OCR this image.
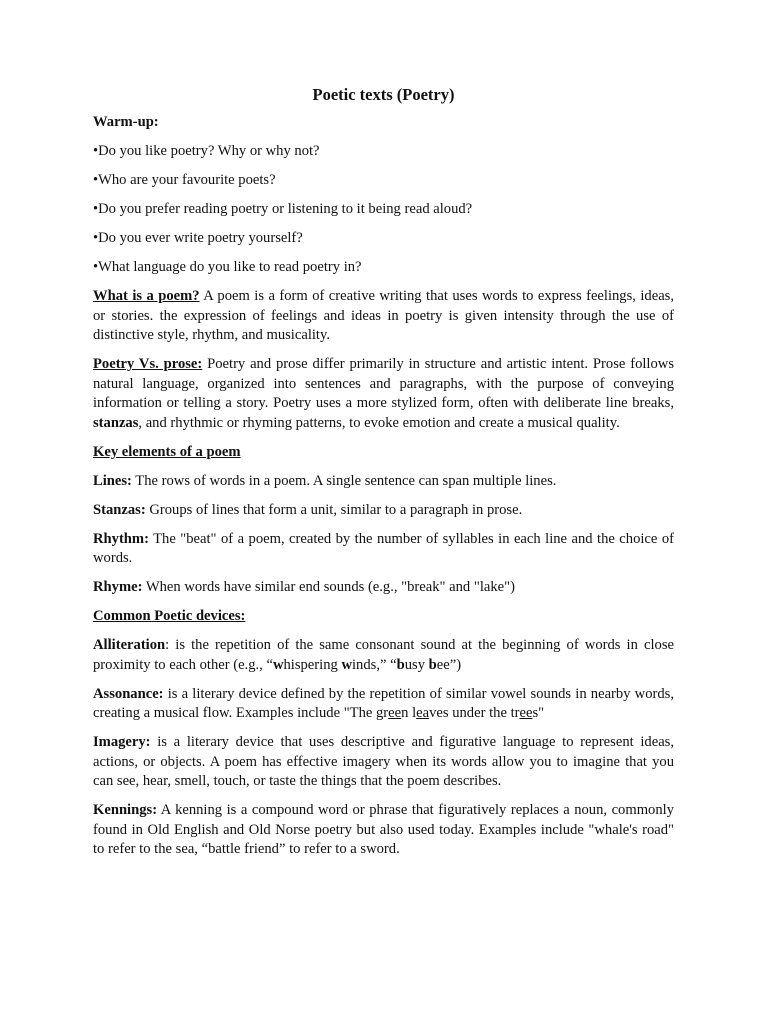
Poetic texts (Poetry)

Warm-up:

•Do you like poetry? Why or why not?

•Who are your favourite poets?

•Do you prefer reading poetry or listening to it being read aloud?

•Do you ever write poetry yourself?

•What language do you like to read poetry in?

What is a poem? A poem is a form of creative writing that uses words to express feelings, ideas, or stories. the expression of feelings and ideas in poetry is given intensity through the use of distinctive style, rhythm, and musicality.

Poetry Vs. prose: Poetry and prose differ primarily in structure and artistic intent. Prose follows natural language, organized into sentences and paragraphs, with the purpose of conveying information or telling a story. Poetry uses a more stylized form, often with deliberate line breaks, stanzas, and rhythmic or rhyming patterns, to evoke emotion and create a musical quality.

Key elements of a poem

Lines: The rows of words in a poem. A single sentence can span multiple lines.

Stanzas: Groups of lines that form a unit, similar to a paragraph in prose.

Rhythm: The "beat" of a poem, created by the number of syllables in each line and the choice of words.

Rhyme: When words have similar end sounds (e.g., "break" and "lake")

Common Poetic devices:

Alliteration: is the repetition of the same consonant sound at the beginning of words in close proximity to each other (e.g., “whispering winds,” “busy bee”)

Assonance: is a literary device defined by the repetition of similar vowel sounds in nearby words, creating a musical flow. Examples include "The green leaves under the trees"

Imagery: is a literary device that uses descriptive and figurative language to represent ideas, actions, or objects. A poem has effective imagery when its words allow you to imagine that you can see, hear, smell, touch, or taste the things that the poem describes.

Kennings: A kenning is a compound word or phrase that figuratively replaces a noun, commonly found in Old English and Old Norse poetry but also used today. Examples include "whale's road" to refer to the sea, “battle friend” to refer to a sword.
